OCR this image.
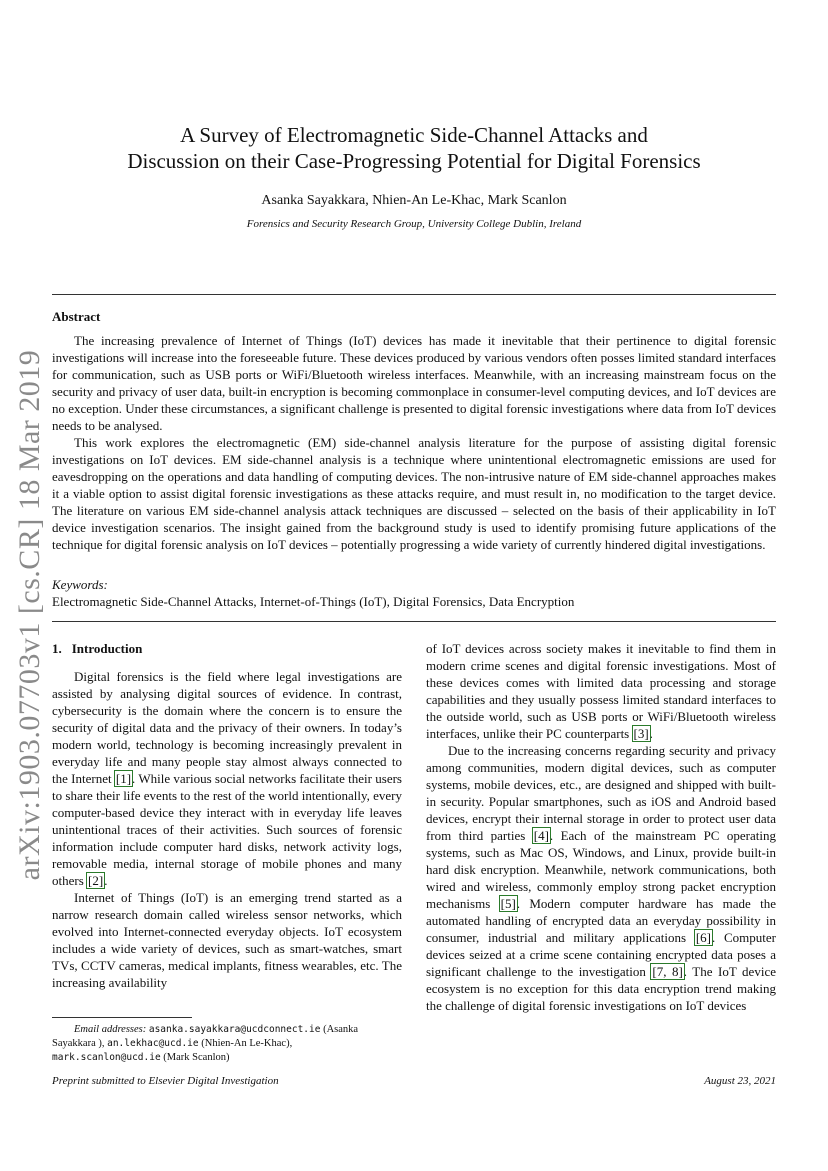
arXiv:1903.07703v1 [cs.CR] 18 Mar 2019
A Survey of Electromagnetic Side-Channel Attacks and
Discussion on their Case-Progressing Potential for Digital Forensics
Asanka Sayakkara, Nhien-An Le-Khac, Mark Scanlon
Forensics and Security Research Group, University College Dublin, Ireland
Abstract

The increasing prevalence of Internet of Things (IoT) devices has made it inevitable that their pertinence to digital forensic investigations will increase into the foreseeable future. These devices produced by various vendors often posses limited standard interfaces for communication, such as USB ports or WiFi/Bluetooth wireless interfaces. Meanwhile, with an increasing mainstream focus on the security and privacy of user data, built-in encryption is becoming commonplace in consumer-level computing devices, and IoT devices are no exception. Under these circumstances, a significant challenge is presented to digital forensic investigations where data from IoT devices needs to be analysed.

This work explores the electromagnetic (EM) side-channel analysis literature for the purpose of assisting digital forensic investigations on IoT devices. EM side-channel analysis is a technique where unintentional electromagnetic emissions are used for eavesdropping on the operations and data handling of computing devices. The non-intrusive nature of EM side-channel approaches makes it a viable option to assist digital forensic investigations as these attacks require, and must result in, no modification to the target device. The literature on various EM side-channel analysis attack techniques are discussed – selected on the basis of their applicability in IoT device investigation scenarios. The insight gained from the background study is used to identify promising future applications of the technique for digital forensic analysis on IoT devices – potentially progressing a wide variety of currently hindered digital investigations.

Keywords:
Electromagnetic Side-Channel Attacks, Internet-of-Things (IoT), Digital Forensics, Data Encryption
1. Introduction

Digital forensics is the field where legal investigations are assisted by analysing digital sources of evidence. In contrast, cybersecurity is the domain where the concern is to ensure the security of digital data and the privacy of their owners. In today’s modern world, technology is becoming increasingly prevalent in everyday life and many people stay almost always connected to the Internet [1]. While various social networks facilitate their users to share their life events to the rest of the world intentionally, every computer-based device they interact with in everyday life leaves unintentional traces of their activities. Such sources of forensic information include computer hard disks, network activity logs, removable media, internal storage of mobile phones and many others [2].

Internet of Things (IoT) is an emerging trend started as a narrow research domain called wireless sensor networks, which evolved into Internet-connected everyday objects. IoT ecosystem includes a wide variety of devices, such as smart-watches, smart TVs, CCTV cameras, medical implants, fitness wearables, etc. The increasing availability

of IoT devices across society makes it inevitable to find them in modern crime scenes and digital forensic investigations. Most of these devices comes with limited data processing and storage capabilities and they usually possess limited standard interfaces to the outside world, such as USB ports or WiFi/Bluetooth wireless interfaces, unlike their PC counterparts [3].

Due to the increasing concerns regarding security and privacy among communities, modern digital devices, such as computer systems, mobile devices, etc., are designed and shipped with built-in security. Popular smartphones, such as iOS and Android based devices, encrypt their internal storage in order to protect user data from third parties [4]. Each of the mainstream PC operating systems, such as Mac OS, Windows, and Linux, provide built-in hard disk encryption. Meanwhile, network communications, both wired and wireless, commonly employ strong packet encryption mechanisms [5]. Modern computer hardware has made the automated handling of encrypted data an everyday possibility in consumer, industrial and military applications [6]. Computer devices seized at a crime scene containing encrypted data poses a significant challenge to the investigation [7, 8]. The IoT device ecosystem is no exception for this data encryption trend making the challenge of digital forensic investigations on IoT devices

Email addresses: asanka.sayakkara@ucdconnect.ie (Asanka Sayakkara ), an.lekhac@ucd.ie (Nhien-An Le-Khac), mark.scanlon@ucd.ie (Mark Scanlon)
Preprint submitted to Elsevier Digital Investigation	August 23, 2021
